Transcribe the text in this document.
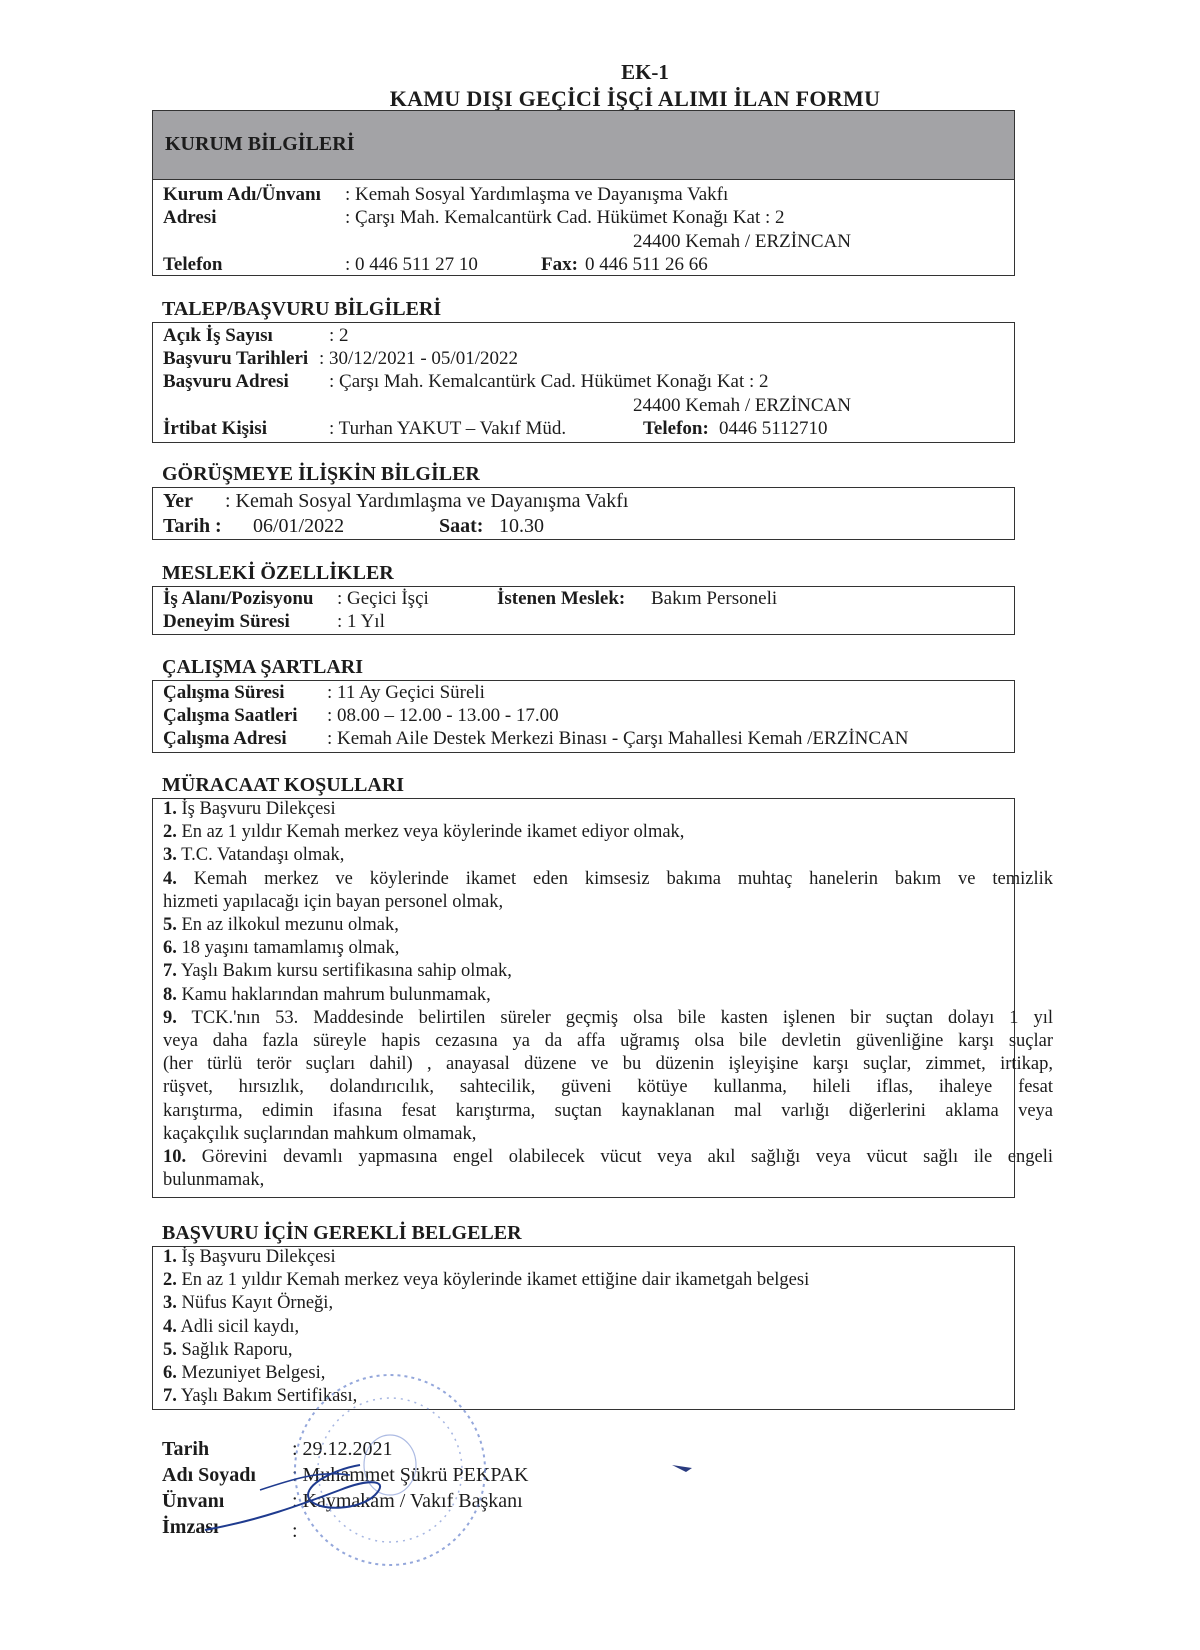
EK-1
KAMU DIŞI GEÇİCİ İŞÇİ ALIMI İLAN FORMU
KURUM BİLGİLERİ
Kurum Adı/Ünvanı : Kemah Sosyal Yardımlaşma ve Dayanışma Vakfı
Adresi	: Çarşı Mah. Kemalcantürk Cad. Hükümet Konağı Kat : 2
24400 Kemah / ERZİNCAN
Telefon	: 0 446 511 27 10	Fax: 0 446 511 26 66
TALEP/BAŞVURU BİLGİLERİ
Açık İş Sayısı	: 2
Başvuru Tarihleri : 30/12/2021 - 05/01/2022
Başvuru Adresi : Çarşı Mah. Kemalcantürk Cad. Hükümet Konağı Kat : 2
24400 Kemah / ERZİNCAN
İrtibat Kişisi	: Turhan YAKUT – Vakıf Müd.	Telefon: 0446 5112710
GÖRÜŞMEYE İLİŞKİN BİLGİLER
Yer : Kemah Sosyal Yardımlaşma ve Dayanışma Vakfı
Tarih : 06/01/2022	Saat: 10.30
MESLEKİ ÖZELLİKLER
İş Alanı/Pozisyonu : Geçici İşçi	İstenen Meslek: Bakım Personeli
Deneyim Süresi : 1 Yıl
ÇALIŞMA ŞARTLARI
Çalışma Süresi : 11 Ay Geçici Süreli
Çalışma Saatleri : 08.00 – 12.00 - 13.00 - 17.00
Çalışma Adresi : Kemah Aile Destek Merkezi Binası - Çarşı Mahallesi Kemah /ERZİNCAN
MÜRACAAT KOŞULLARI
1. İş Başvuru Dilekçesi
2. En az 1 yıldır Kemah merkez veya köylerinde ikamet ediyor olmak,
3. T.C. Vatandaşı olmak,
4. Kemah merkez ve köylerinde ikamet eden kimsesiz bakıma muhtaç hanelerin bakım ve temizlik
hizmeti yapılacağı için bayan personel olmak,
5. En az ilkokul mezunu olmak,
6. 18 yaşını tamamlamış olmak,
7. Yaşlı Bakım kursu sertifikasına sahip olmak,
8. Kamu haklarından mahrum bulunmamak,
9. TCK.'nın 53. Maddesinde belirtilen süreler geçmiş olsa bile kasten işlenen bir suçtan dolayı 1 yıl
veya daha fazla süreyle hapis cezasına ya da affa uğramış olsa bile devletin güvenliğine karşı suçlar
(her türlü terör suçları dahil) , anayasal düzene ve bu düzenin işleyişine karşı suçlar, zimmet, irtikap,
rüşvet, hırsızlık, dolandırıcılık, sahtecilik, güveni kötüye kullanma, hileli iflas, ihaleye fesat
karıştırma, edimin ifasına fesat karıştırma, suçtan kaynaklanan mal varlığı diğerlerini aklama veya
kaçakçılık suçlarından mahkum olmamak,
10. Görevini devamlı yapmasına engel olabilecek vücut veya akıl sağlığı veya vücut sağlı ile engeli
bulunmamak,
BAŞVURU İÇİN GEREKLİ BELGELER
1. İş Başvuru Dilekçesi
2. En az 1 yıldır Kemah merkez veya köylerinde ikamet ettiğine dair ikametgah belgesi
3. Nüfus Kayıt Örneği,
4. Adli sicil kaydı,
5. Sağlık Raporu,
6. Mezuniyet Belgesi,
7. Yaşlı Bakım Sertifikası,
Tarih	: 29.12.2021
Adı Soyadı : Muhammet Şükrü PEKPAK
Ünvanı	: Kaymakam / Vakıf Başkanı
İmzası	:
